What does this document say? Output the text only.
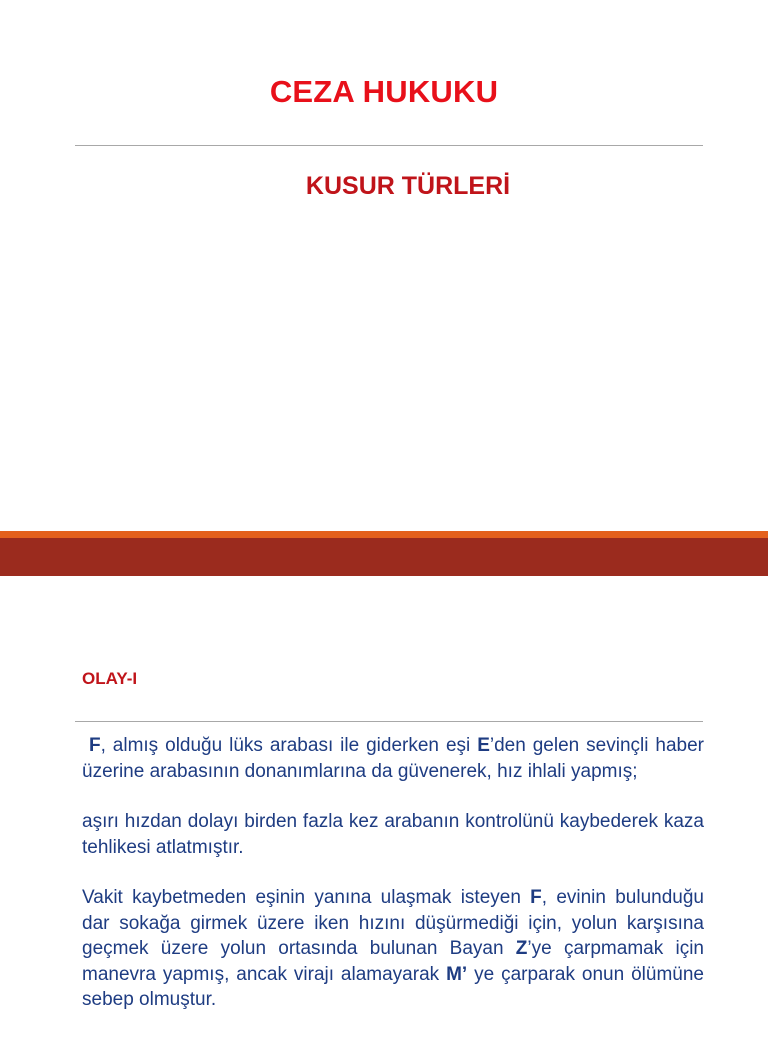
CEZA HUKUKU
KUSUR TÜRLERİ
OLAY-I

F, almış olduğu lüks arabası ile giderken eşi E’den gelen sevinçli haber üzerine arabasının donanımlarına da güvenerek, hız ihlali yapmış;

aşırı hızdan dolayı birden fazla kez arabanın kontrolünü kaybederek kaza tehlikesi atlatmıştır.

Vakit kaybetmeden eşinin yanına ulaşmak isteyen F, evinin bulunduğu dar sokağa girmek üzere iken hızını düşürmediği için, yolun karşısına geçmek üzere yolun ortasında bulunan Bayan Z’ye çarpmamak için manevra yapmış, ancak virajı alamayarak M’ ye çarparak onun ölümüne sebep olmuştur.
